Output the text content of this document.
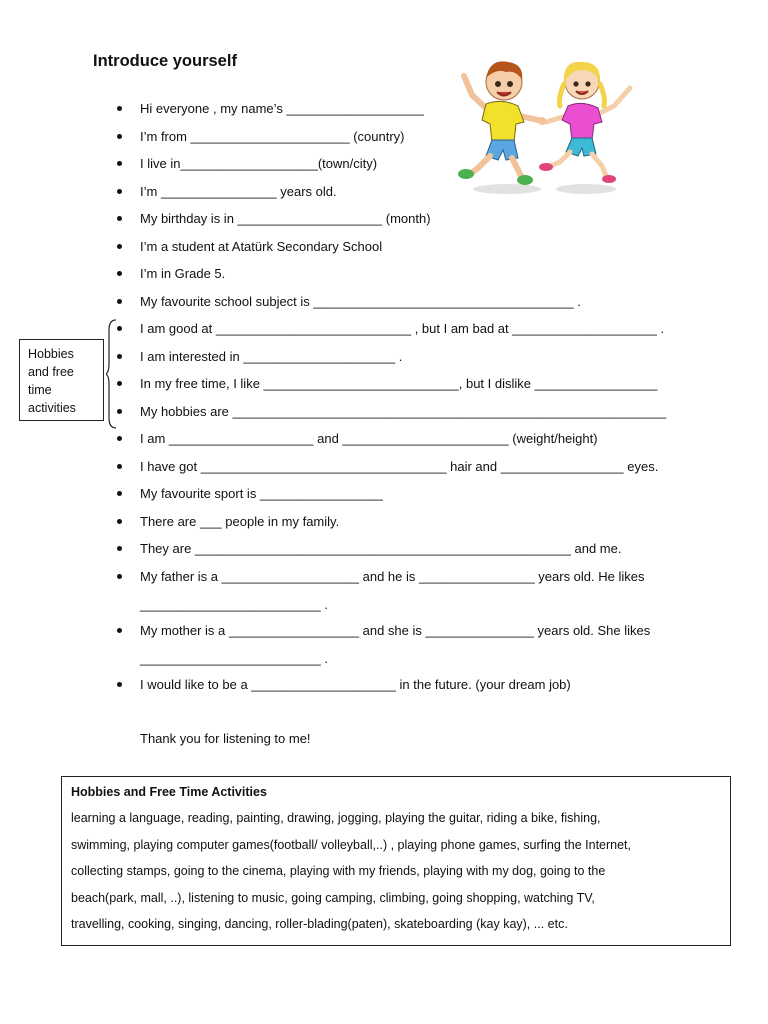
Introduce yourself
Hi everyone , my name’s ___________________
I’m from ______________________ (country)
I live in___________________(town/city)
I’m ________________ years old.
My birthday is in ____________________ (month)
I’m a student at Atatürk Secondary School
I’m in Grade 5.
My favourite school subject is ____________________________________ .
I am good at ___________________________ , but I am bad at ____________________ .
I am interested in _____________________ .
In my free time, I like ___________________________, but I dislike _________________
My hobbies are ____________________________________________________________
I am ____________________ and _______________________ (weight/height)
I have got __________________________________ hair and _________________ eyes.
My favourite sport is _________________
There are ___ people in my family.
They are ____________________________________________________ and me.
My father is a ___________________ and he is ________________ years old. He likes
_________________________ .
My mother is a __________________ and she is _______________ years old. She likes
_________________________ .
I would like to be a ____________________ in the future. (your dream job)
Thank you for listening to me!
Hobbies
and free
time
activities
Hobbies and Free Time Activities
learning a language, reading, painting, drawing, jogging, playing the guitar, riding a bike, fishing,
swimming, playing computer games(football/ volleyball,..) , playing phone games, surfing the Internet,
collecting stamps, going to the cinema, playing with my friends, playing with my dog, going to the
beach(park, mall, ..), listening to music, going camping, climbing, going shopping, watching TV,
travelling, cooking, singing, dancing, roller-blading(paten), skateboarding (kay kay), ... etc.
